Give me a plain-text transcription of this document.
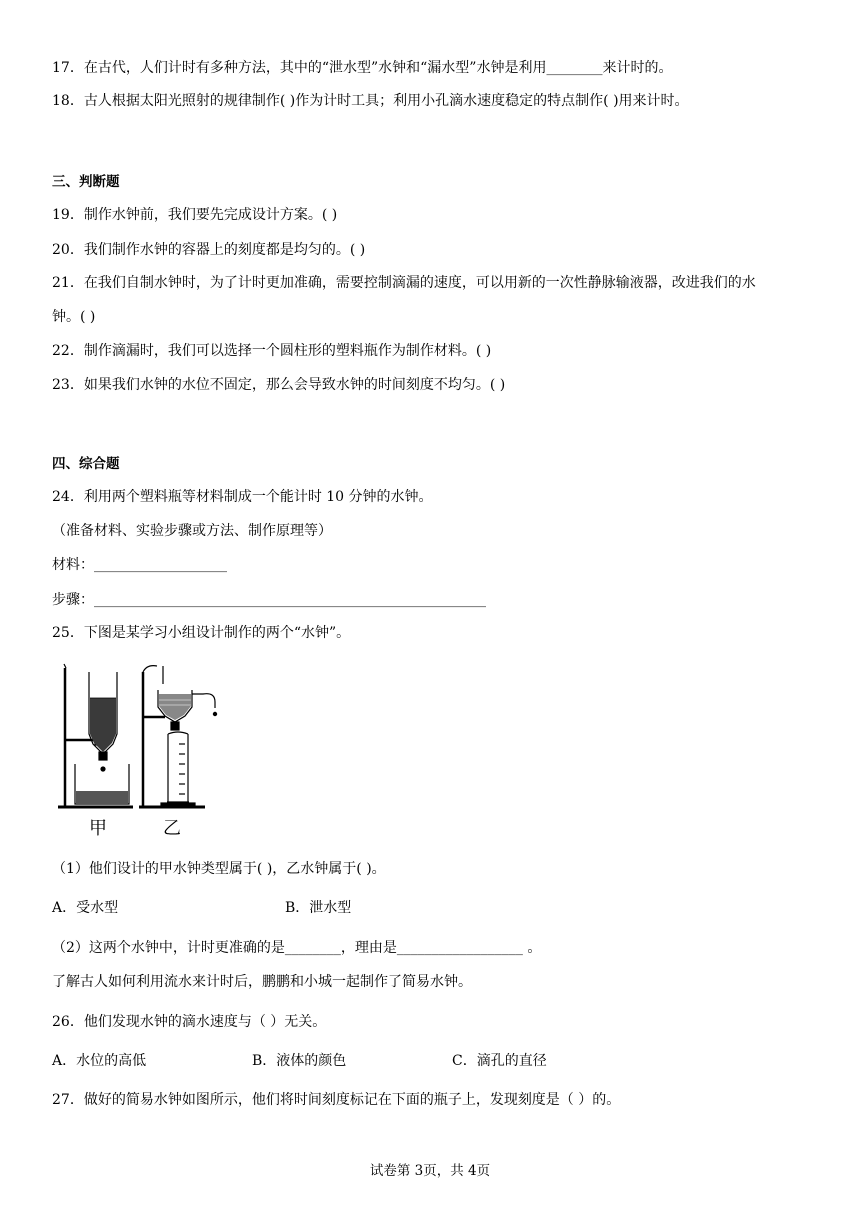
17．在古代，人们计时有多种方法，其中的“泄水型”水钟和“漏水型”水钟是利用________来计时的。
18．古人根据太阳光照射的规律制作( )作为计时工具；利用小孔滴水速度稳定的特点制作( )用来计时。
三、判断题
19．制作水钟前，我们要先完成设计方案。( )
20．我们制作水钟的容器上的刻度都是均匀的。( )
21．在我们自制水钟时，为了计时更加准确，需要控制滴漏的速度，可以用新的一次性静脉输液器，改进我们的水
钟。( )
22．制作滴漏时，我们可以选择一个圆柱形的塑料瓶作为制作材料。( )
23．如果我们水钟的水位不固定，那么会导致水钟的时间刻度不均匀。( )
四、综合题
24．利用两个塑料瓶等材料制成一个能计时 10 分钟的水钟。
（准备材料、实验步骤或方法、制作原理等）
材料：___________________
步骤：________________________________________________________
25．下图是某学习小组设计制作的两个“水钟”。
甲	乙
（1）他们设计的甲水钟类型属于( )，乙水钟属于( )。
A．受水型	B．泄水型
（2）这两个水钟中，计时更准确的是________，理由是__________________ 。
了解古人如何利用流水来计时后，鹏鹏和小城一起制作了简易水钟。
26．他们发现水钟的滴水速度与（ ）无关。
A．水位的高低	B．液体的颜色	C．滴孔的直径
27．做好的简易水钟如图所示，他们将时间刻度标记在下面的瓶子上，发现刻度是（ ）的。
试卷第 3页，共 4页
